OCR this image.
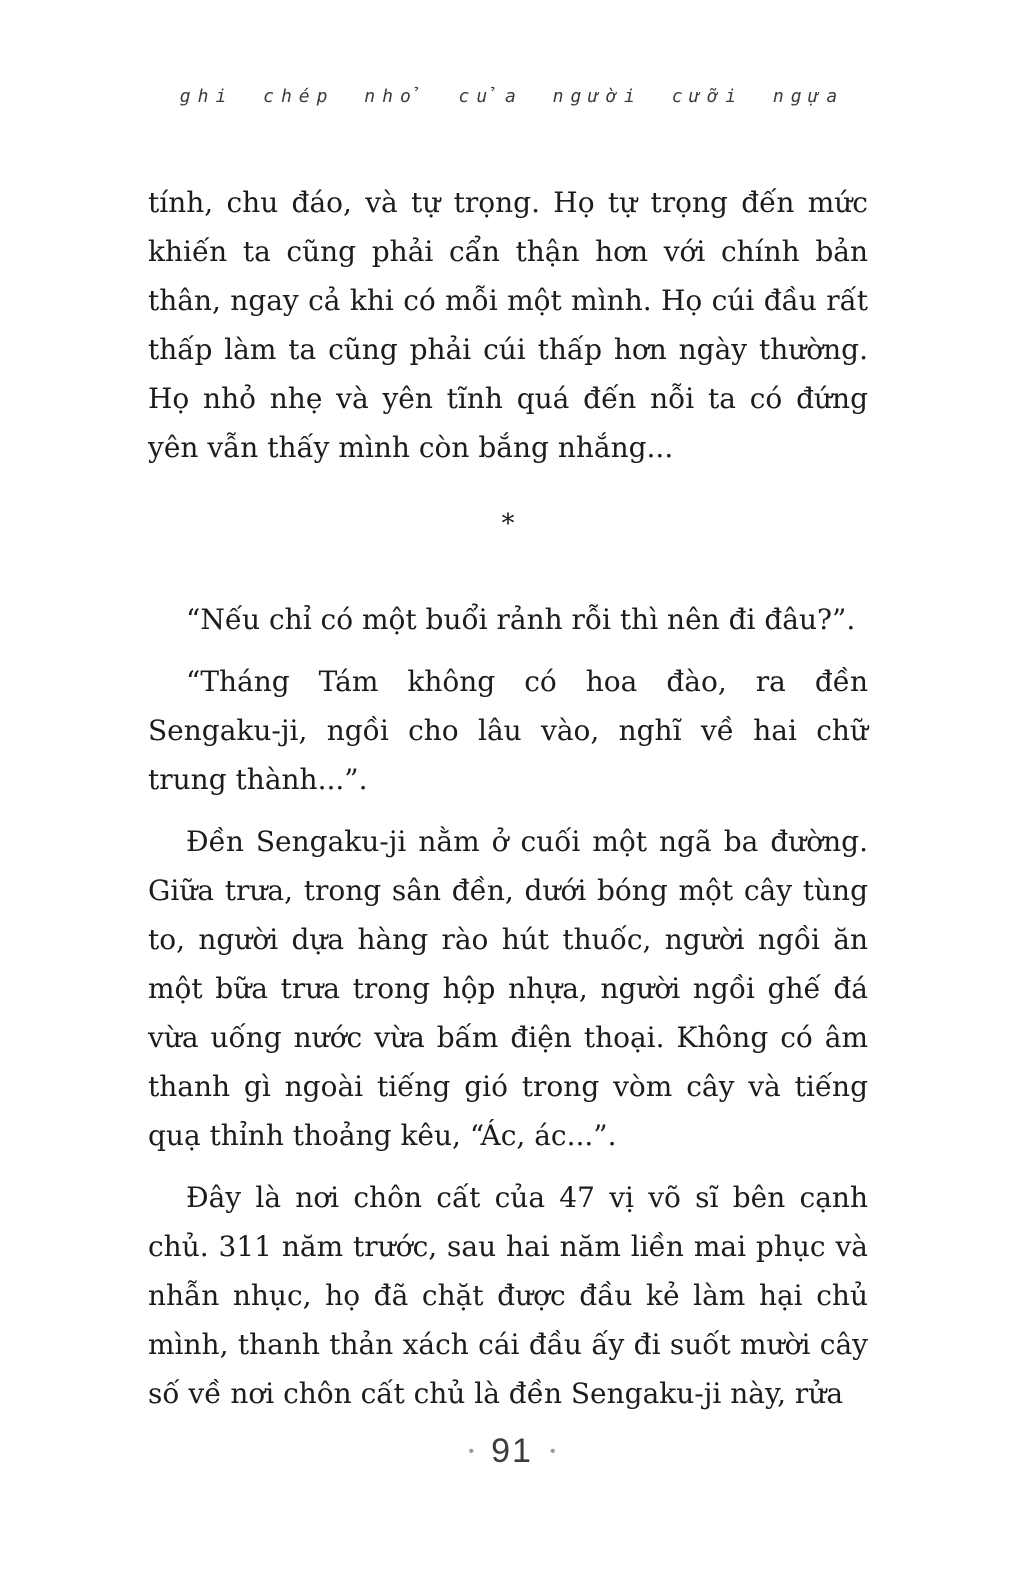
ghi chép nhỏ của người cưỡi ngựa

tính, chu đáo, và tự trọng. Họ tự trọng đến mức khiến ta cũng phải cẩn thận hơn với chính bản thân, ngay cả khi có mỗi một mình. Họ cúi đầu rất thấp làm ta cũng phải cúi thấp hơn ngày thường. Họ nhỏ nhẹ và yên tĩnh quá đến nỗi ta có đứng yên vẫn thấy mình còn bắng nhắng...

*

“Nếu chỉ có một buổi rảnh rỗi thì nên đi đâu?”.

“Tháng Tám không có hoa đào, ra đền Sengaku-ji, ngồi cho lâu vào, nghĩ về hai chữ trung thành...”.

Đền Sengaku-ji nằm ở cuối một ngã ba đường. Giữa trưa, trong sân đền, dưới bóng một cây tùng to, người dựa hàng rào hút thuốc, người ngồi ăn một bữa trưa trong hộp nhựa, người ngồi ghế đá vừa uống nước vừa bấm điện thoại. Không có âm thanh gì ngoài tiếng gió trong vòm cây và tiếng quạ thỉnh thoảng kêu, “Ác, ác...”.

Đây là nơi chôn cất của 47 vị võ sĩ bên cạnh chủ. 311 năm trước, sau hai năm liền mai phục và nhẫn nhục, họ đã chặt được đầu kẻ làm hại chủ mình, thanh thản xách cái đầu ấy đi suốt mười cây số về nơi chôn cất chủ là đền Sengaku-ji này, rửa

• 91 •
